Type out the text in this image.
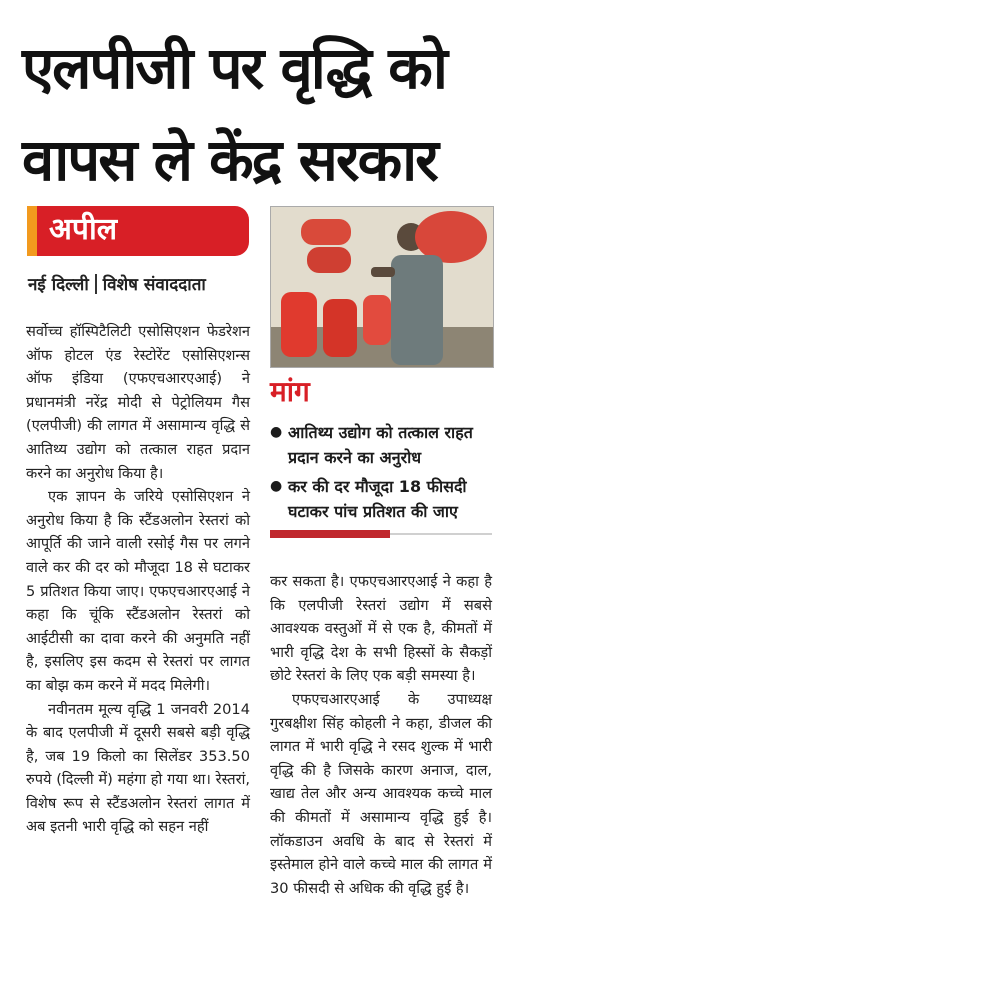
एलपीजी पर वृद्धि को
वापस ले केंद्र सरकार
अपील
नई दिल्ली विशेष संवाददाता

सर्वोच्च हॉस्पिटैलिटी एसोसिएशन फेडरेशन ऑफ होटल एंड रेस्टोरेंट एसोसिएशन्स ऑफ इंडिया (एफएचआरएआई) ने प्रधानमंत्री नरेंद्र मोदी से पेट्रोलियम गैस (एलपीजी) की लागत में असामान्य वृद्धि से आतिथ्य उद्योग को तत्काल राहत प्रदान करने का अनुरोध किया है।

एक ज्ञापन के जरिये एसोसिएशन ने अनुरोध किया है कि स्टैंडअलोन रेस्तरां को आपूर्ति की जाने वाली रसोई गैस पर लगने वाले कर की दर को मौजूदा 18 से घटाकर 5 प्रतिशत किया जाए। एफएचआरएआई ने कहा कि चूंकि स्टैंडअलोन रेस्तरां को आईटीसी का दावा करने की अनुमति नहीं है, इसलिए इस कदम से रेस्तरां पर लागत का बोझ कम करने में मदद मिलेगी।

नवीनतम मूल्य वृद्धि 1 जनवरी 2014 के बाद एलपीजी में दूसरी सबसे बड़ी वृद्धि है, जब 19 किलो का सिलेंडर 353.50 रुपये (दिल्ली में) महंगा हो गया था। रेस्तरां, विशेष रूप से स्टैंडअलोन रेस्तरां लागत में अब इतनी भारी वृद्धि को सहन नहीं

मांग
● आतिथ्य उद्योग को तत्काल राहत प्रदान करने का अनुरोध
● कर की दर मौजूदा 18 फीसदी घटाकर पांच प्रतिशत की जाए

कर सकता है। एफएचआरएआई ने कहा है कि एलपीजी रेस्तरां उद्योग में सबसे आवश्यक वस्तुओं में से एक है, कीमतों में भारी वृद्धि देश के सभी हिस्सों के सैकड़ों छोटे रेस्तरां के लिए एक बड़ी समस्या है।

एफएचआरएआई के उपाध्यक्ष गुरबक्षीश सिंह कोहली ने कहा, डीजल की लागत में भारी वृद्धि ने रसद शुल्क में भारी वृद्धि की है जिसके कारण अनाज, दाल, खाद्य तेल और अन्य आवश्यक कच्चे माल की कीमतों में असामान्य वृद्धि हुई है। लॉकडाउन अवधि के बाद से रेस्तरां में इस्तेमाल होने वाले कच्चे माल की लागत में 30 फीसदी से अधिक की वृद्धि हुई है।
